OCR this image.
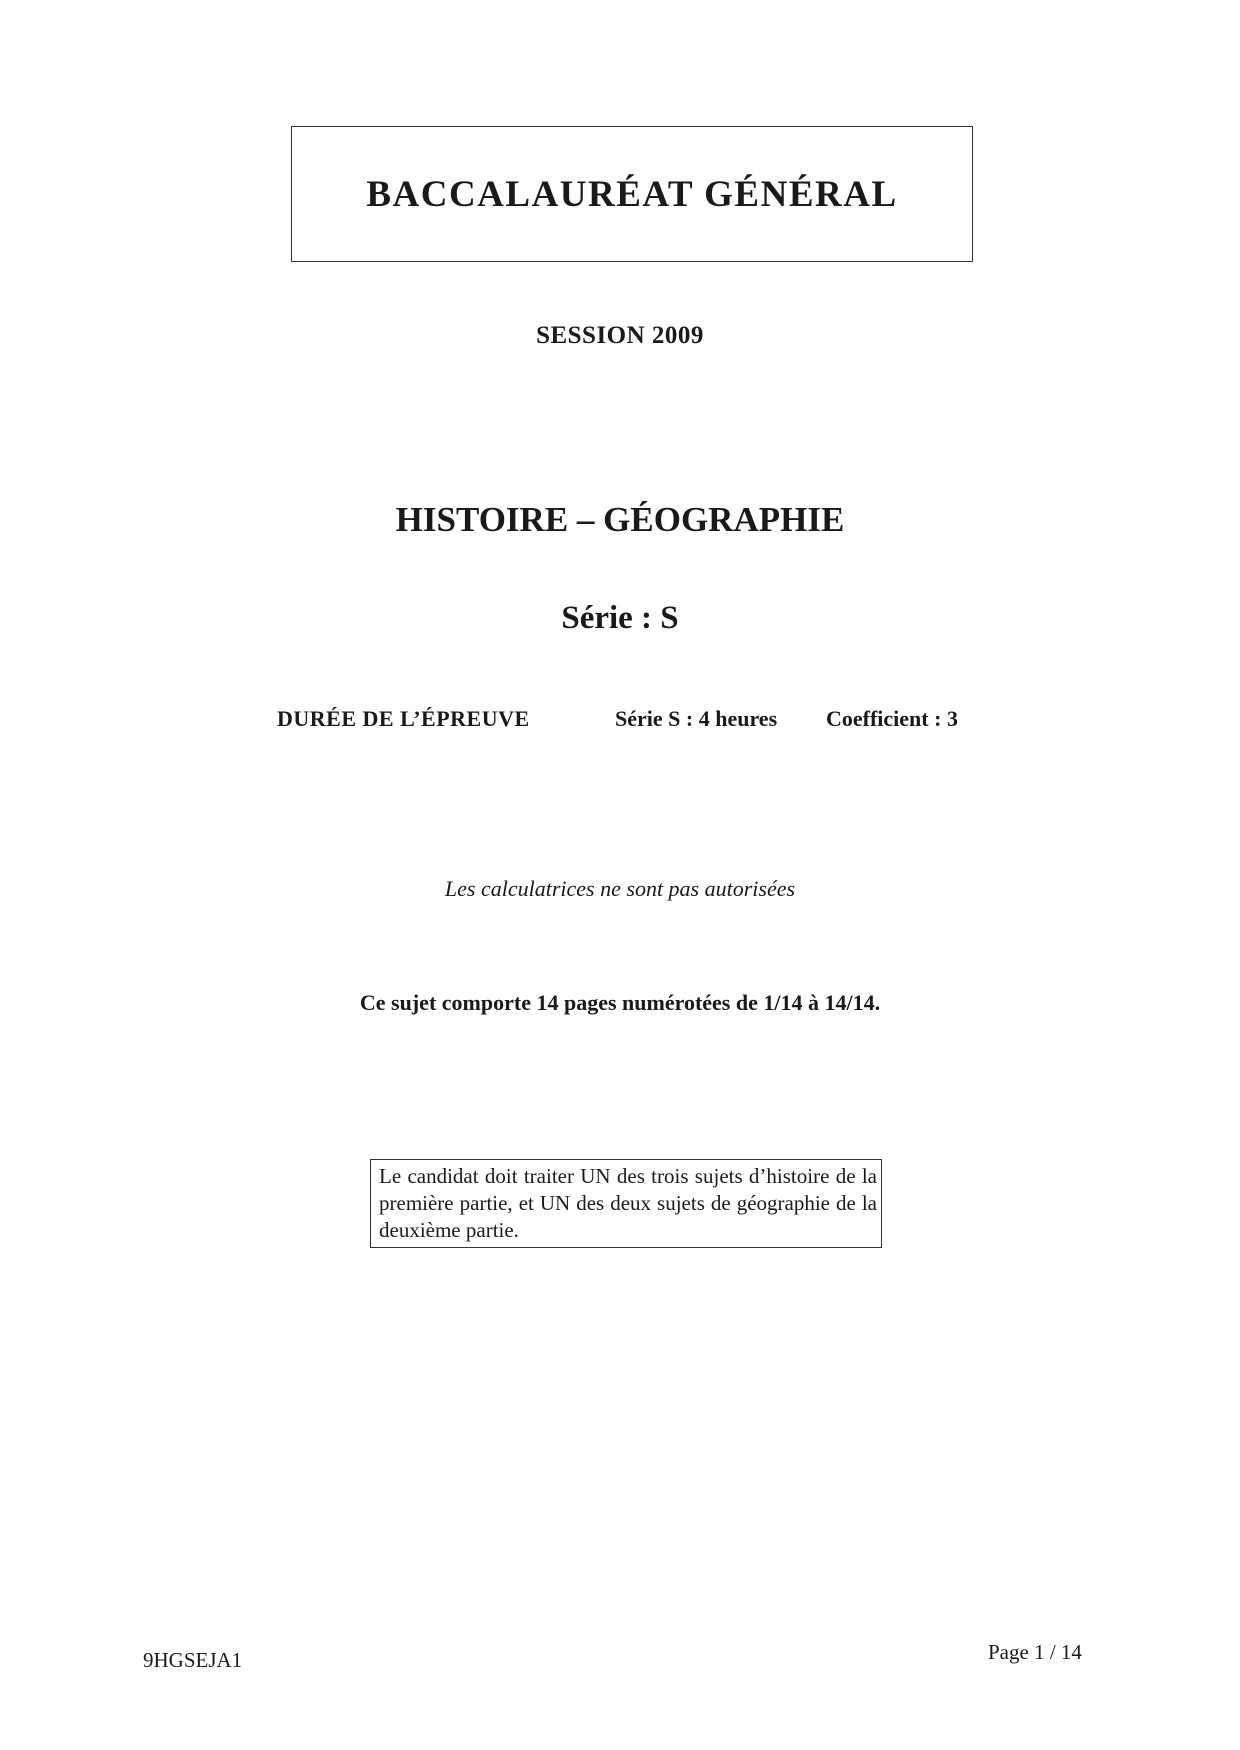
BACCALAURÉAT GÉNÉRAL
SESSION 2009
HISTOIRE – GÉOGRAPHIE
Série : S
DURÉE DE L’ÉPREUVE	Série S : 4 heures Coefficient : 3
Les calculatrices ne sont pas autorisées
Ce sujet comporte 14 pages numérotées de 1/14 à 14/14.
Le candidat doit traiter UN des trois sujets d’histoire de la première partie, et UN des deux sujets de géographie de la deuxième partie.
9HGSEJA1	Page 1 / 14
